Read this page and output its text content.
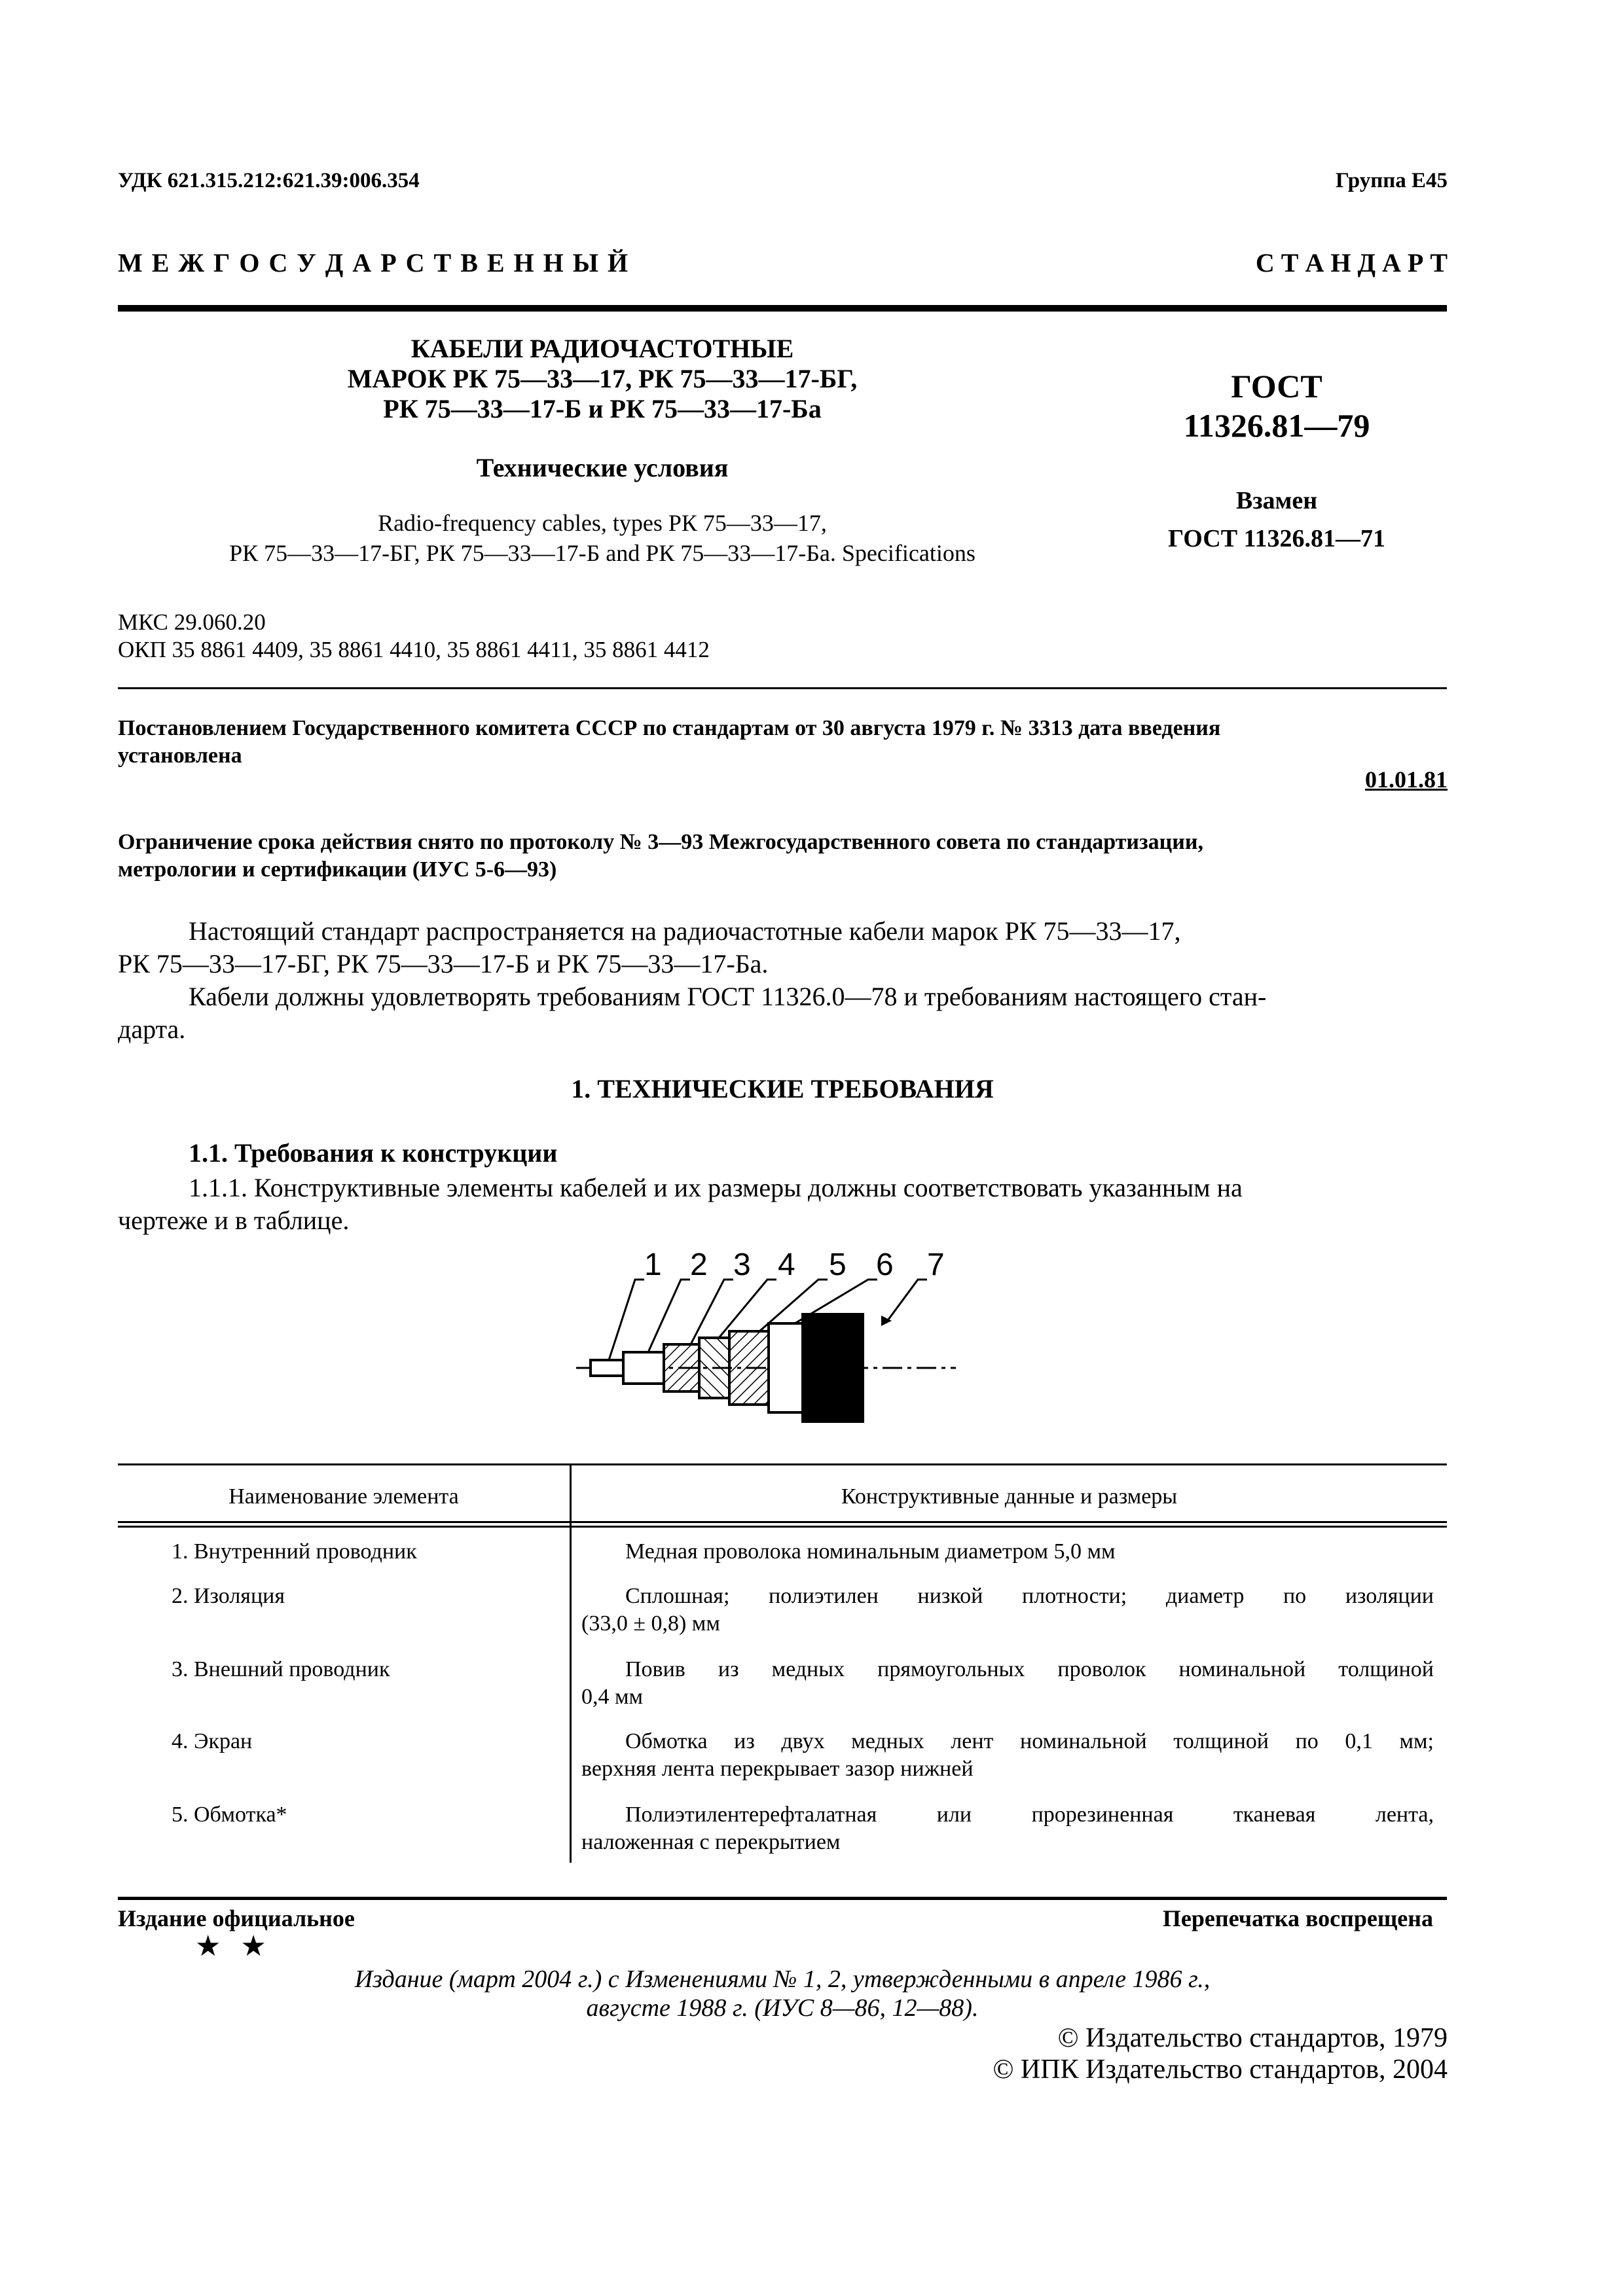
УДК 621.315.212:621.39:006.354	Группа Е45
М Е Ж Г О С У Д А Р С Т В Е Н Н Ы Й	С Т А Н Д А Р Т
КАБЕЛИ РАДИОЧАСТОТНЫЕ
МАРОК РК 75—33—17, РК 75—33—17-БГ,
РК 75—33—17-Б и РК 75—33—17-Ба
Технические условия
Radio-frequency cables, types РК 75—33—17,
РК 75—33—17-БГ, РК 75—33—17-Б and РК 75—33—17-Ба. Specifications
ГОСТ
11326.81—79
Взамен
ГОСТ 11326.81—71
МКС 29.060.20
ОКП 35 8861 4409, 35 8861 4410, 35 8861 4411, 35 8861 4412
Постановлением Государственного комитета СССР по стандартам от 30 августа 1979 г. № 3313 дата введения
установлена
01.01.81
Ограничение срока действия снято по протоколу № 3—93 Межгосударственного совета по стандартизации,
метрологии и сертификации (ИУС 5-6—93)
Настоящий стандарт распространяется на радиочастотные кабели марок РК 75—33—17,
РК 75—33—17-БГ, РК 75—33—17-Б и РК 75—33—17-Ба.
Кабели должны удовлетворять требованиям ГОСТ 11326.0—78 и требованиям настоящего стан-
дарта.
1. ТЕХНИЧЕСКИЕ ТРЕБОВАНИЯ
1.1. Требования к конструкции
1.1.1. Конструктивные элементы кабелей и их размеры должны соответствовать указанным на
чертеже и в таблице.
1 2 3 4 5 6 7
Наименование элемента	Конструктивные данные и размеры
1. Внутренний проводник	Медная проволока номинальным диаметром 5,0 мм
2. Изоляция	Сплошная; полиэтилен низкой плотности; диаметр по изоляции
(33,0 ± 0,8) мм
3. Внешний проводник	Повив из медных прямоугольных проволок номинальной толщиной
0,4 мм
4. Экран	Обмотка из двух медных лент номинальной толщиной по 0,1 мм;
верхняя лента перекрывает зазор нижней
5. Обмотка*	Полиэтилентерефталатная или прорезиненная тканевая лента,
наложенная с перекрытием
Издание официальное	Перепечатка воспрещена
★ ★
Издание (март 2004 г.) с Изменениями № 1, 2, утвержденными в апреле 1986 г.,
августе 1988 г. (ИУС 8—86, 12—88).
© Издательство стандартов, 1979
© ИПК Издательство стандартов, 2004
